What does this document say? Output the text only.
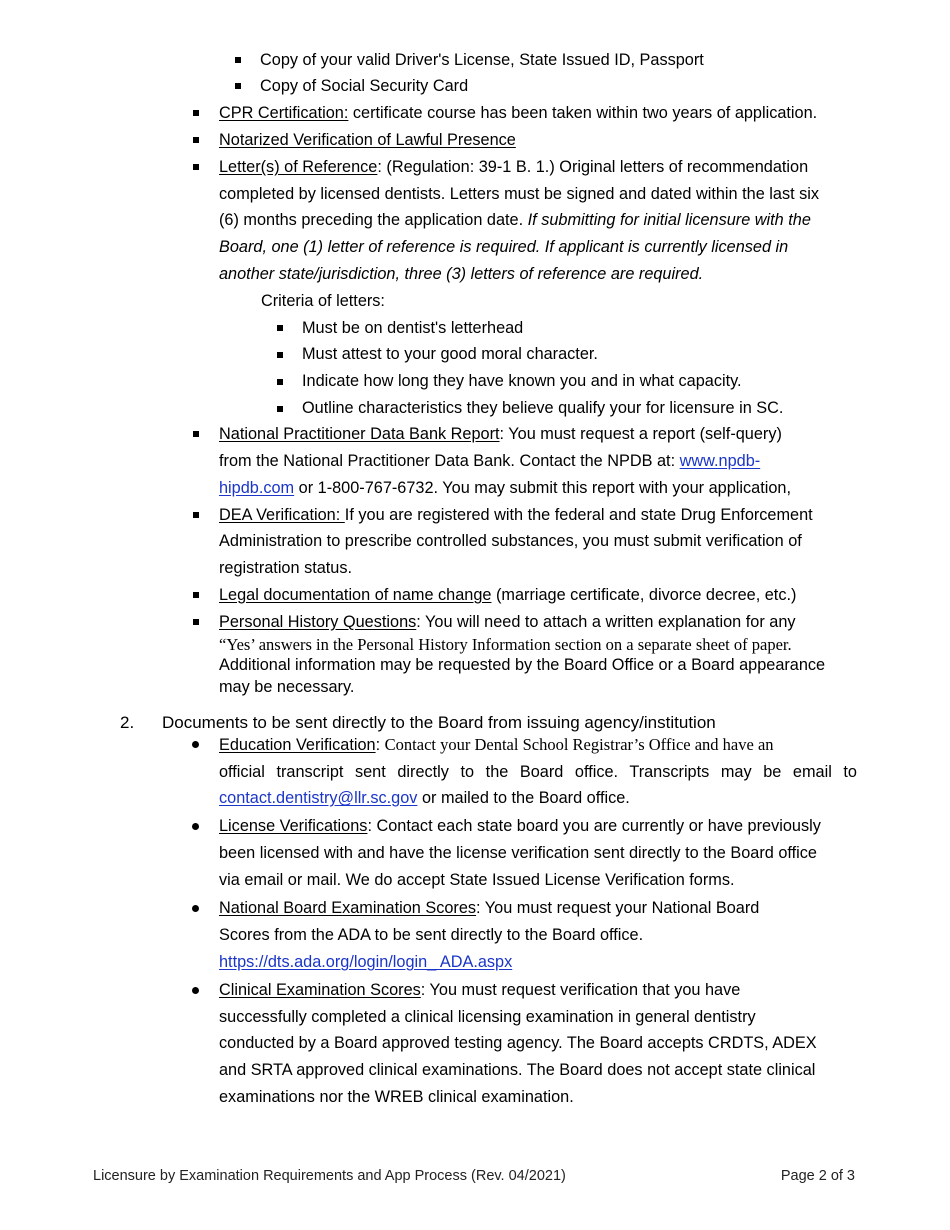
Copy of your valid Driver's License, State Issued ID, Passport
Copy of Social Security Card
CPR Certification: certificate course has been taken within two years of application.
Notarized Verification of Lawful Presence
Letter(s) of Reference: (Regulation: 39-1 B. 1.) Original letters of recommendation
completed by licensed dentists. Letters must be signed and dated within the last six
(6) months preceding the application date. If submitting for initial licensure with the
Board, one (1) letter of reference is required. If applicant is currently licensed in
another state/jurisdiction, three (3) letters of reference are required.
Criteria of letters:
Must be on dentist's letterhead
Must attest to your good moral character.
Indicate how long they have known you and in what capacity.
Outline characteristics they believe qualify your for licensure in SC.
National Practitioner Data Bank Report: You must request a report (self-query)
from the National Practitioner Data Bank. Contact the NPDB at: www.npdb-
hipdb.com or 1-800-767-6732. You may submit this report with your application,
DEA Verification: If you are registered with the federal and state Drug Enforcement
Administration to prescribe controlled substances, you must submit verification of
registration status.
Legal documentation of name change (marriage certificate, divorce decree, etc.)
Personal History Questions: You will need to attach a written explanation for any
“Yes’ answers in the Personal History Information section on a separate sheet of paper.
Additional information may be requested by the Board Office or a Board appearance
may be necessary.
2. Documents to be sent directly to the Board from issuing agency/institution
Education Verification: Contact your Dental School Registrar’s Office and have an
official transcript sent directly to the Board office. Transcripts may be email to
contact.dentistry@llr.sc.gov or mailed to the Board office.
License Verifications: Contact each state board you are currently or have previously
been licensed with and have the license verification sent directly to the Board office
via email or mail. We do accept State Issued License Verification forms.
National Board Examination Scores: You must request your National Board
Scores from the ADA to be sent directly to the Board office.
https://dts.ada.org/login/login_ ADA.aspx
Clinical Examination Scores: You must request verification that you have
successfully completed a clinical licensing examination in general dentistry
conducted by a Board approved testing agency. The Board accepts CRDTS, ADEX
and SRTA approved clinical examinations. The Board does not accept state clinical
examinations nor the WREB clinical examination.
Licensure by Examination Requirements and App Process (Rev. 04/2021)	Page 2 of 3
